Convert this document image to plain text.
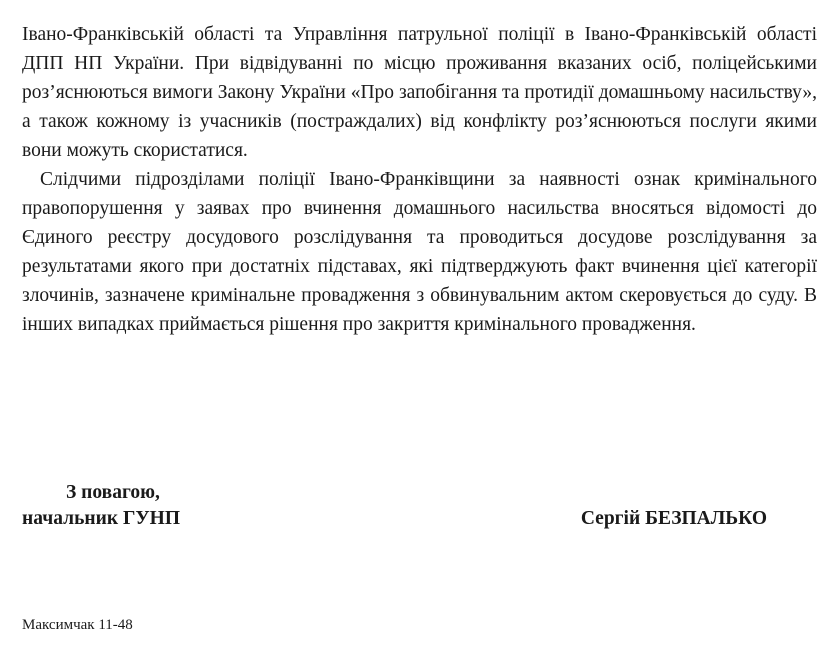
Івано-Франківській області та Управління патрульної поліції в Івано-Франківській області ДПП НП України. При відвідуванні по місцю проживання вказаних осіб, поліцейськими роз’яснюються вимоги Закону України «Про запобігання та протидії домашньому насильству», а також кожному із учасників (постраждалих) від конфлікту роз’яснюються послуги якими вони можуть скористатися.

Слідчими підрозділами поліції Івано-Франківщини за наявності ознак кримінального правопорушення у заявах про вчинення домашнього насильства вносяться відомості до Єдиного реєстру досудового розслідування та проводиться досудове розслідування за результатами якого при достатніх підставах, які підтверджують факт вчинення цієї категорії злочинів, зазначене кримінальне провадження з обвинувальним актом скеровується до суду. В інших випадках приймається рішення про закриття кримінального провадження.

З повагою,
начальник ГУНП	Сергій БЕЗПАЛЬКО
Максимчак 11-48
